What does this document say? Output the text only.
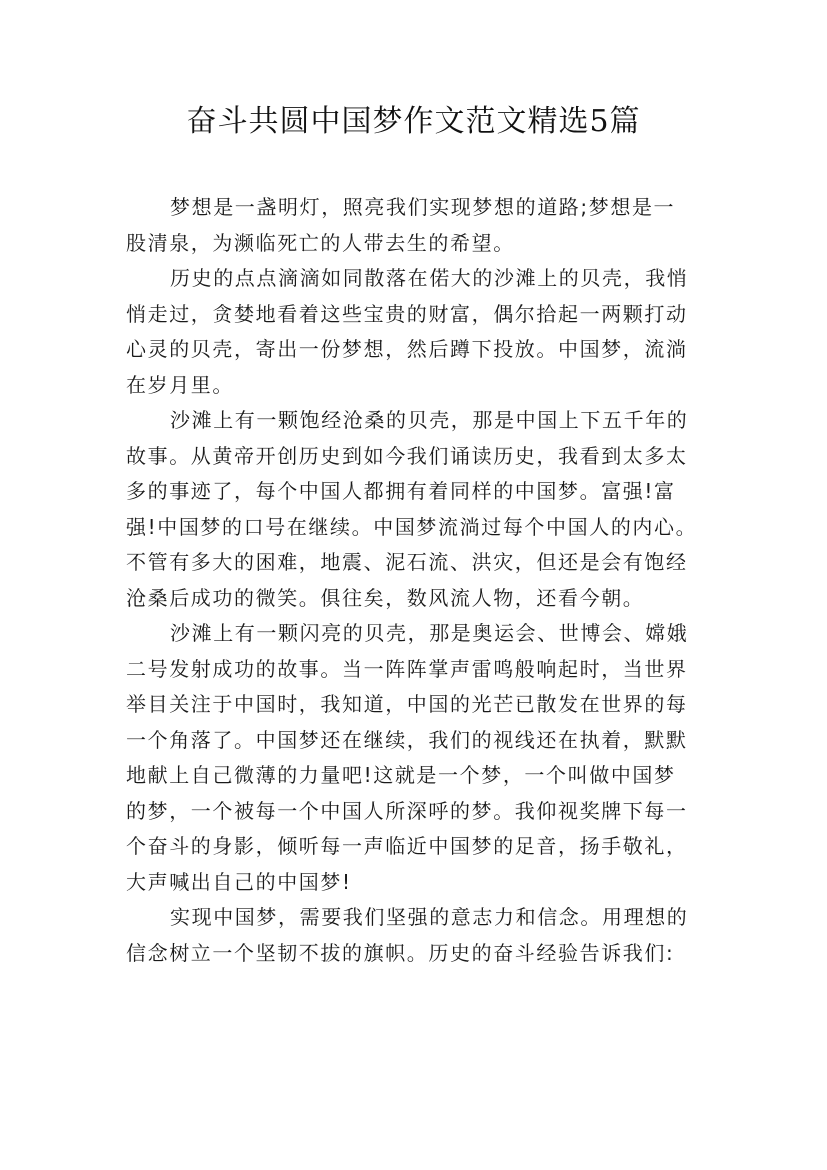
奋斗共圆中国梦作文范文精选5篇
梦想是一盏明灯，照亮我们实现梦想的道路;梦想是一
股清泉，为濒临死亡的人带去生的希望。
历史的点点滴滴如同散落在偌大的沙滩上的贝壳，我悄
悄走过，贪婪地看着这些宝贵的财富，偶尔拾起一两颗打动
心灵的贝壳，寄出一份梦想，然后蹲下投放。中国梦，流淌
在岁月里。
沙滩上有一颗饱经沧桑的贝壳，那是中国上下五千年的
故事。从黄帝开创历史到如今我们诵读历史，我看到太多太
多的事迹了，每个中国人都拥有着同样的中国梦。富强!富
强!中国梦的口号在继续。中国梦流淌过每个中国人的内心。
不管有多大的困难，地震、泥石流、洪灾，但还是会有饱经
沧桑后成功的微笑。俱往矣，数风流人物，还看今朝。
沙滩上有一颗闪亮的贝壳，那是奥运会、世博会、嫦娥
二号发射成功的故事。当一阵阵掌声雷鸣般响起时，当世界
举目关注于中国时，我知道，中国的光芒已散发在世界的每
一个角落了。中国梦还在继续，我们的视线还在执着，默默
地献上自己微薄的力量吧!这就是一个梦，一个叫做中国梦
的梦，一个被每一个中国人所深呼的梦。我仰视奖牌下每一
个奋斗的身影，倾听每一声临近中国梦的足音，扬手敬礼，
大声喊出自己的中国梦!
实现中国梦，需要我们坚强的意志力和信念。用理想的
信念树立一个坚韧不拔的旗帜。历史的奋斗经验告诉我们:
